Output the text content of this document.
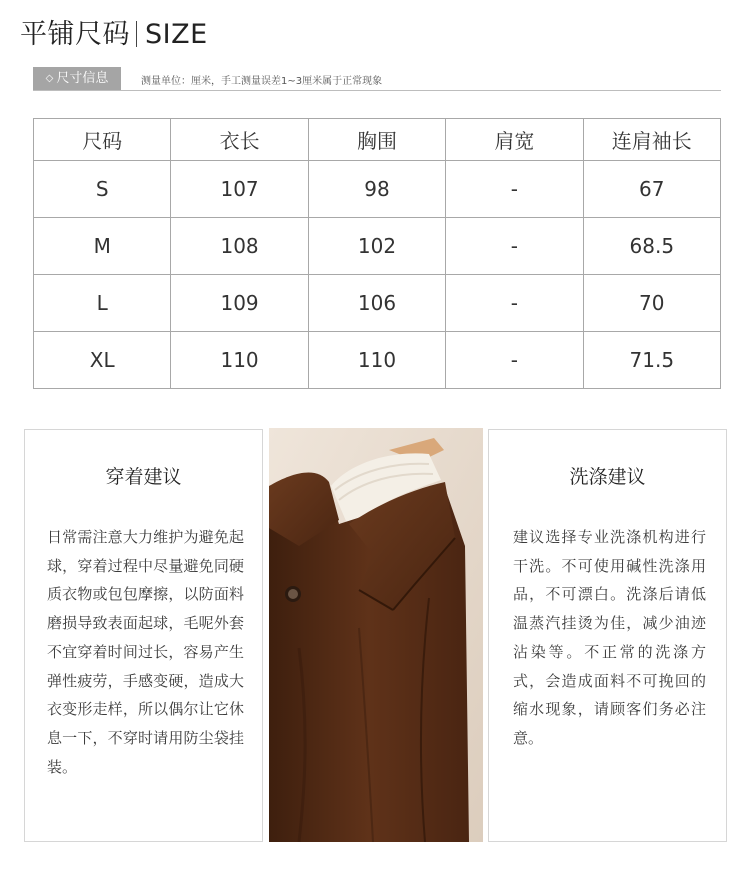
平铺尺码 SIZE
◇ 尺寸信息	测量单位：厘米，手工测量误差1~3厘米属于正常现象
尺码	衣长	胸围	肩宽	连肩袖长
S	107	98	-	67
M	108	102	-	68.5
L	109	106	-	70
XL	110	110	-	71.5
穿着建议

日常需注意大力维护为避免起球，穿着过程中尽量避免同硬质衣物或包包摩擦，以防面料磨损导致表面起球，毛呢外套不宜穿着时间过长，容易产生弹性疲劳，手感变硬，造成大衣变形走样，所以偶尔让它休息一下，不穿时请用防尘袋挂装。

洗涤建议

建议选择专业洗涤机构进行干洗。不可使用碱性洗涤用品，不可漂白。洗涤后请低温蒸汽挂烫为佳，减少油迹沾染等。不正常的洗涤方式，会造成面料不可挽回的缩水现象，请顾客们务必注意。
